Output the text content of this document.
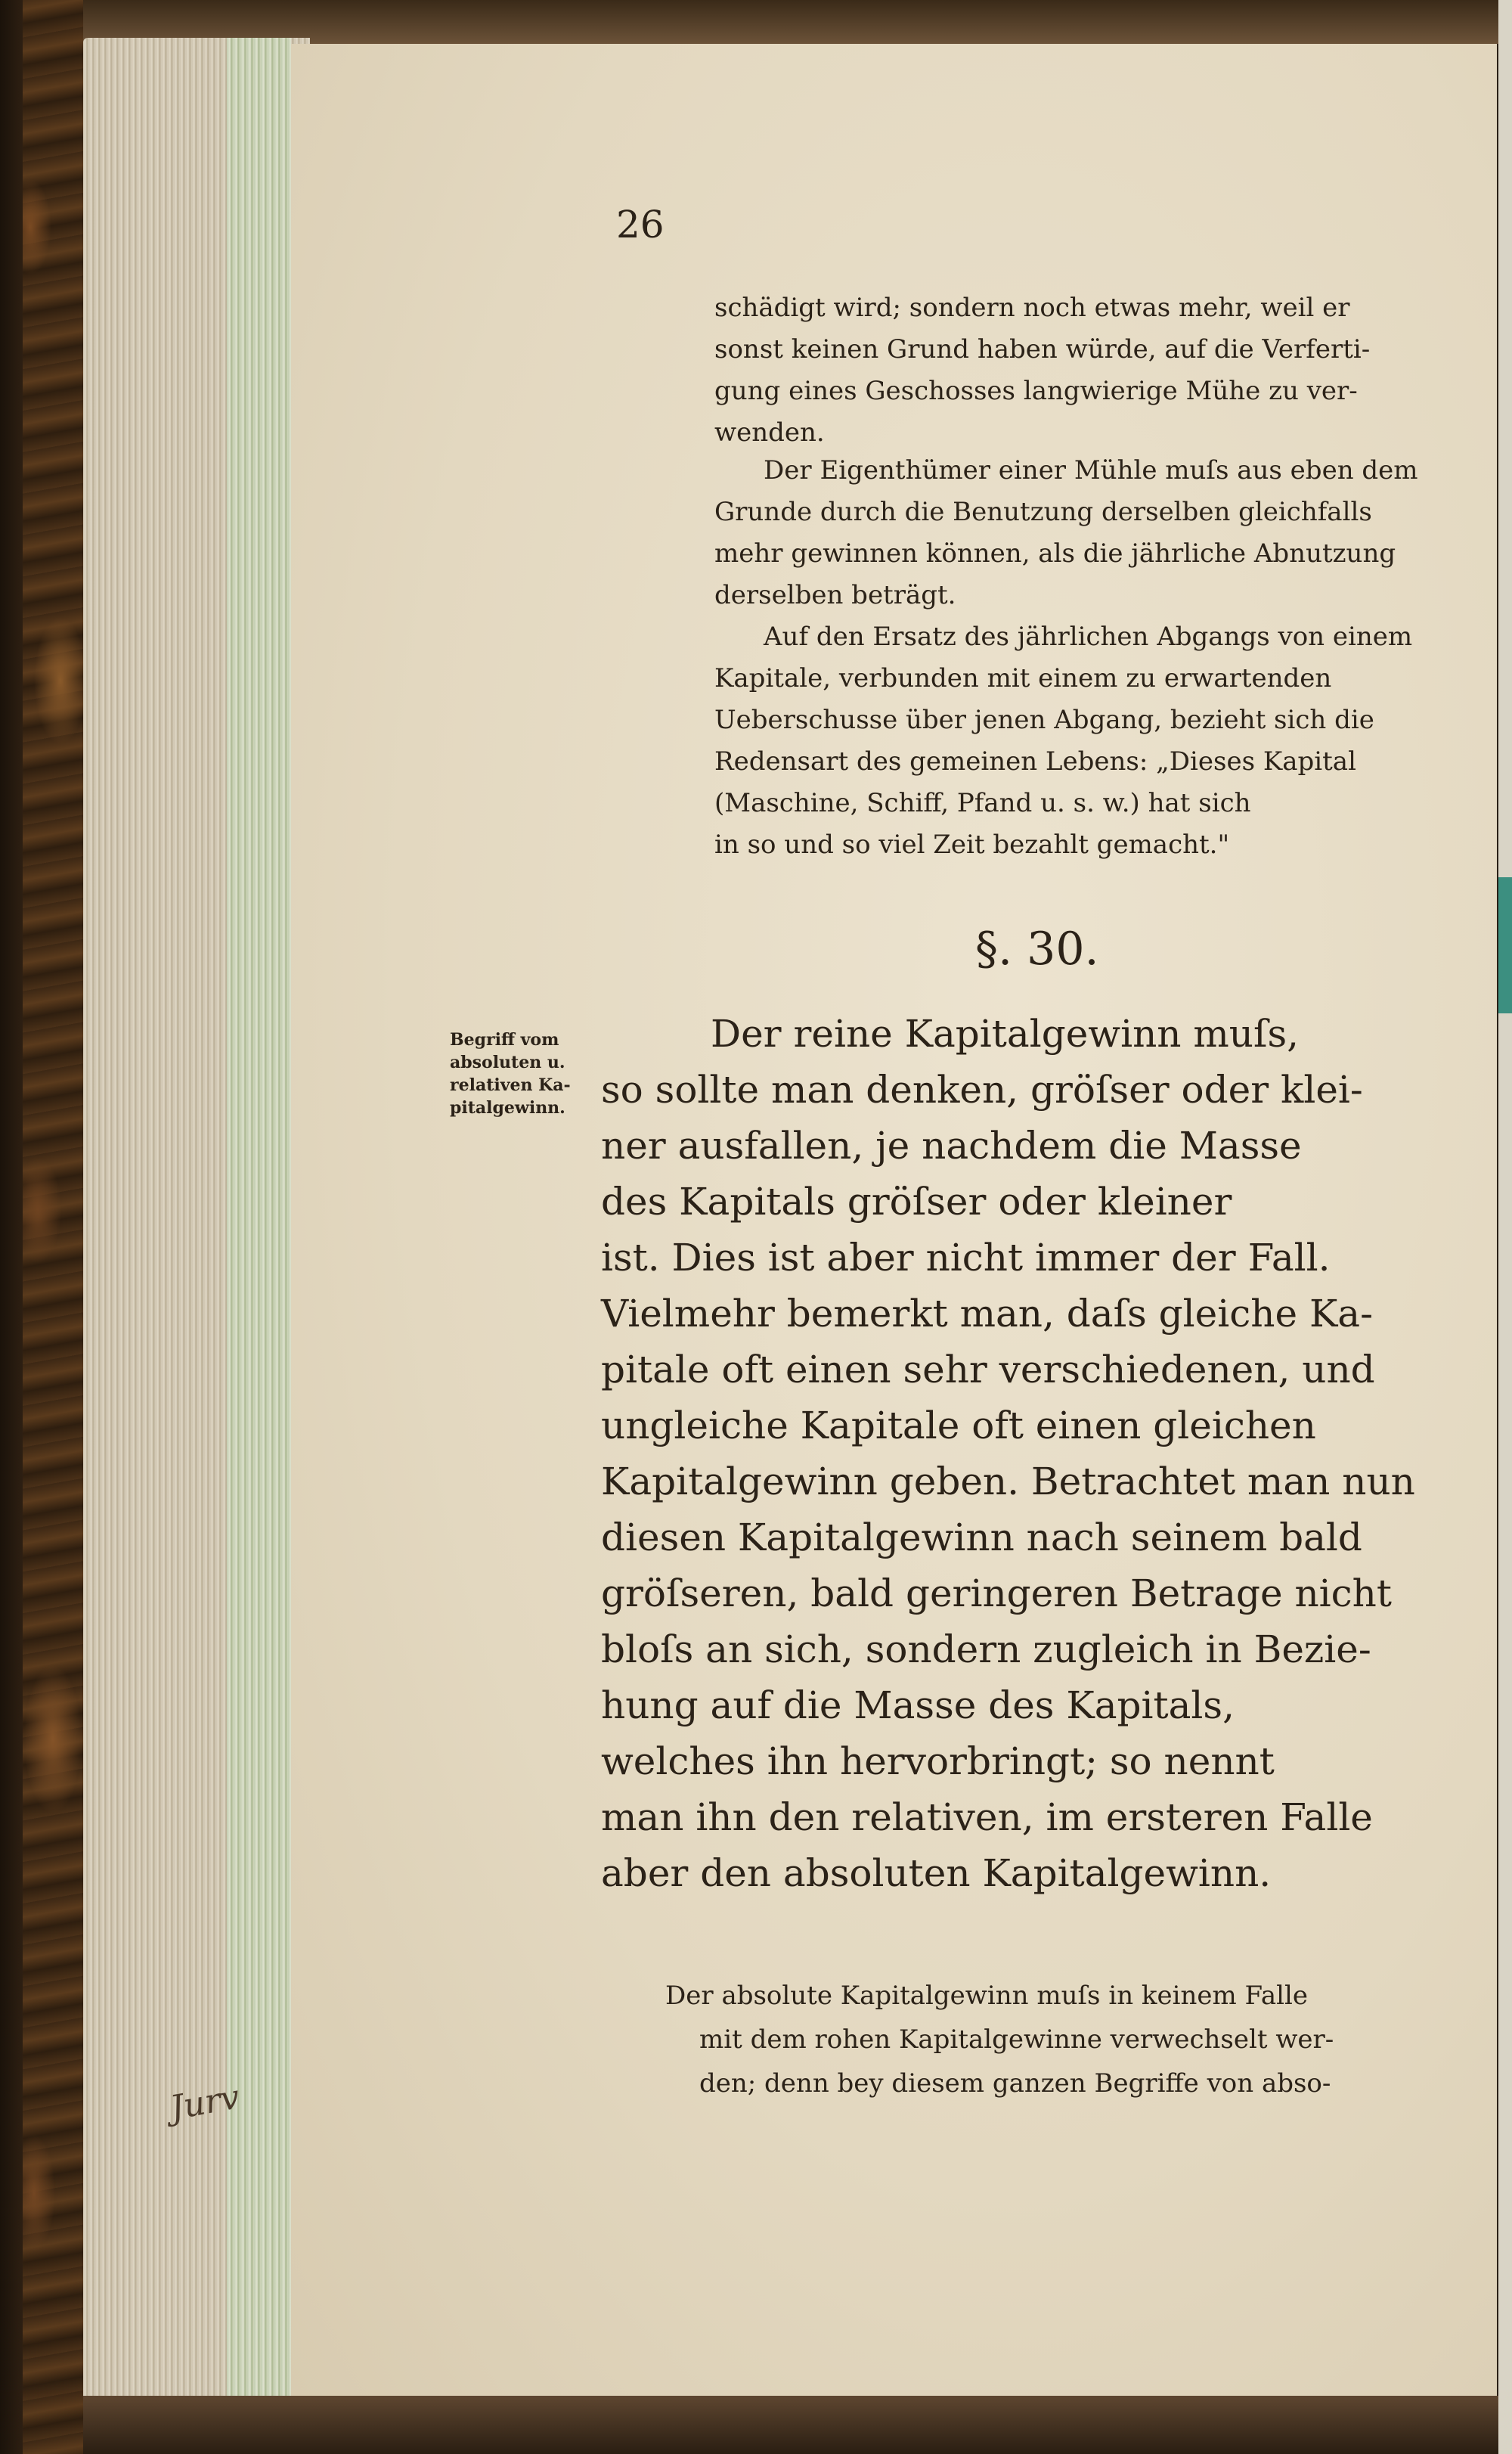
26
schädigt wird; sondern noch etwas mehr, weil er
sonst keinen Grund haben würde, auf die Verferti-
gung eines Geschosses langwierige Mühe zu ver-
wenden.
Der Eigenthümer einer Mühle muſs aus eben dem
Grunde durch die Benutzung derselben gleichfalls
mehr gewinnen können, als die jährliche Abnutzung
derselben beträgt.
Auf den Ersatz des jährlichen Abgangs von einem
Kapitale, verbunden mit einem zu erwartenden
Ueberschusse über jenen Abgang, bezieht sich die
Redensart des gemeinen Lebens: „Dieses Kapital
(Maschine, Schiff, Pfand u. s. w.) hat sich
in so und so viel Zeit bezahlt gemacht."
§. 30.
Begriff vom
absoluten u.
relativen Ka-
pitalgewinn.
Der reine Kapitalgewinn muſs,
so sollte man denken, gröſser oder klei-
ner ausfallen, je nachdem die Masse
des Kapitals gröſser oder kleiner
ist. Dies ist aber nicht immer der Fall.
Vielmehr bemerkt man, daſs gleiche Ka-
pitale oft einen sehr verschiedenen, und
ungleiche Kapitale oft einen gleichen
Kapitalgewinn geben. Betrachtet man nun
diesen Kapitalgewinn nach seinem bald
gröſseren, bald geringeren Betrage nicht
bloſs an sich, sondern zugleich in Bezie-
hung auf die Masse des Kapitals,
welches ihn hervorbringt; so nennt
man ihn den relativen, im ersteren Falle
aber den absoluten Kapitalgewinn.
Der absolute Kapitalgewinn muſs in keinem Falle
mit dem rohen Kapitalgewinne verwechselt wer-
den; denn bey diesem ganzen Begriffe von abso-
Jurv
